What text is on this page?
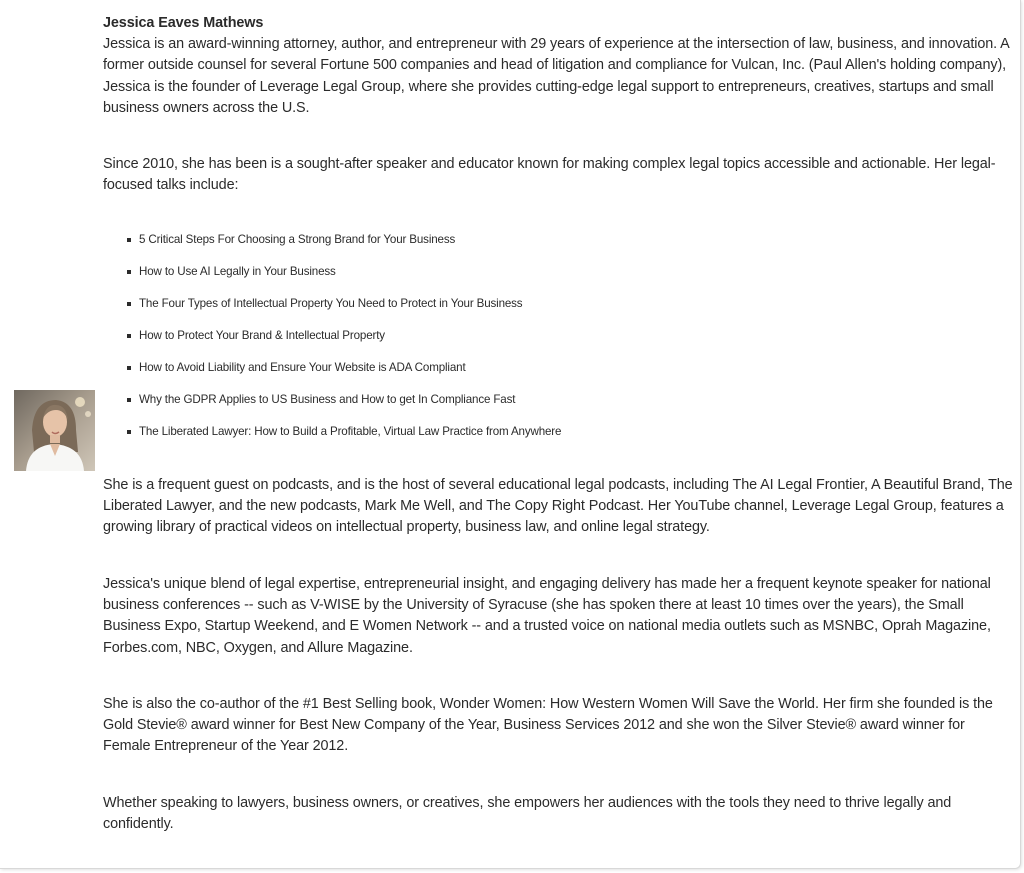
Jessica Eaves Mathews

Jessica is an award-winning attorney, author, and entrepreneur with 29 years of experience at the intersection of law, business, and innovation. A former outside counsel for several Fortune 500 companies and head of litigation and compliance for Vulcan, Inc. (Paul Allen's holding company), Jessica is the founder of Leverage Legal Group, where she provides cutting-edge legal support to entrepreneurs, creatives, startups and small business owners across the U.S.

Since 2010, she has been is a sought-after speaker and educator known for making complex legal topics accessible and actionable. Her legal-focused talks include:

5 Critical Steps For Choosing a Strong Brand for Your Business
How to Use AI Legally in Your Business
The Four Types of Intellectual Property You Need to Protect in Your Business
How to Protect Your Brand & Intellectual Property
How to Avoid Liability and Ensure Your Website is ADA Compliant
Why the GDPR Applies to US Business and How to get In Compliance Fast
The Liberated Lawyer: How to Build a Profitable, Virtual Law Practice from Anywhere

She is a frequent guest on podcasts, and is the host of several educational legal podcasts, including The AI Legal Frontier, A Beautiful Brand, The Liberated Lawyer, and the new podcasts, Mark Me Well, and The Copy Right Podcast. Her YouTube channel, Leverage Legal Group, features a growing library of practical videos on intellectual property, business law, and online legal strategy.

Jessica's unique blend of legal expertise, entrepreneurial insight, and engaging delivery has made her a frequent keynote speaker for national business conferences -- such as V-WISE by the University of Syracuse (she has spoken there at least 10 times over the years), the Small Business Expo, Startup Weekend, and E Women Network -- and a trusted voice on national media outlets such as MSNBC, Oprah Magazine, Forbes.com, NBC, Oxygen, and Allure Magazine.

She is also the co-author of the #1 Best Selling book, Wonder Women: How Western Women Will Save the World. Her firm she founded is the Gold Stevie® award winner for Best New Company of the Year, Business Services 2012 and she won the Silver Stevie® award winner for Female Entrepreneur of the Year 2012.

Whether speaking to lawyers, business owners, or creatives, she empowers her audiences with the tools they need to thrive legally and confidently.
